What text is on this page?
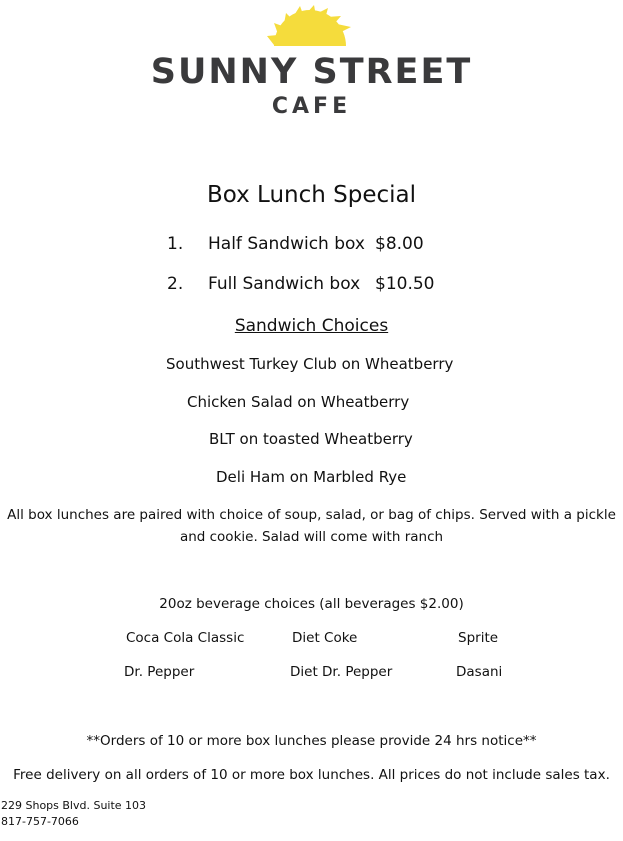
SUNNY STREET
CAFE
Box Lunch Special
1. Half Sandwich box $8.00
2. Full Sandwich box $10.50
Sandwich Choices
Southwest Turkey Club on Wheatberry
Chicken Salad on Wheatberry
BLT on toasted Wheatberry
Deli Ham on Marbled Rye
All box lunches are paired with choice of soup, salad, or bag of chips. Served with a pickle and cookie. Salad will come with ranch
20oz beverage choices (all beverages $2.00)
Coca Cola Classic	Diet Coke	Sprite
Dr. Pepper	Diet Dr. Pepper	Dasani
**Orders of 10 or more box lunches please provide 24 hrs notice**
Free delivery on all orders of 10 or more box lunches. All prices do not include sales tax.
229 Shops Blvd. Suite 103
817-757-7066
